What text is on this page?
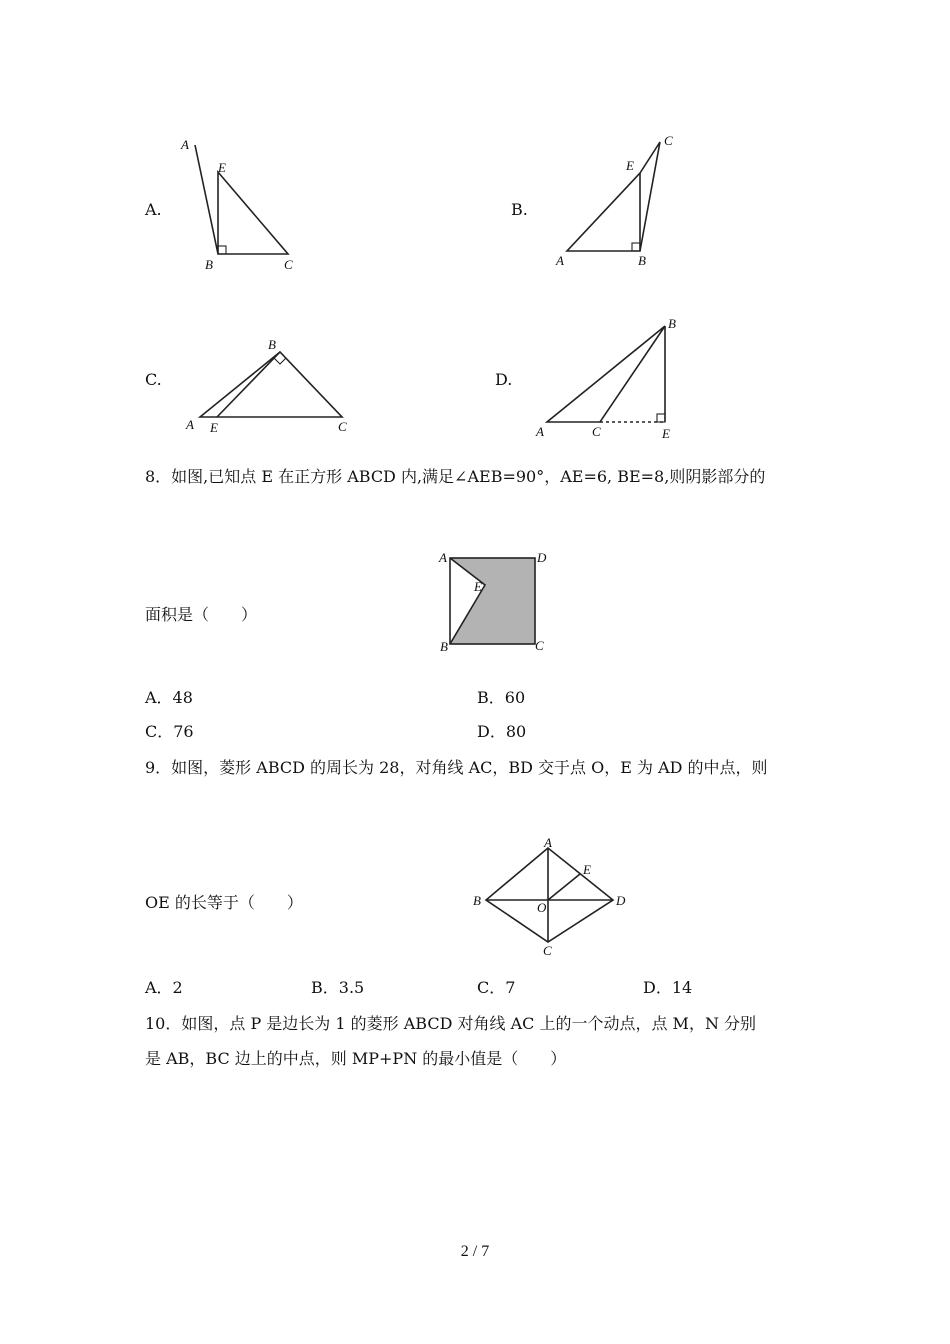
A.	B.
C.	D.
A
E
B	C
C
E
A	B
B
A E	C
B
A	C	E
8．如图,已知点 E 在正方形 ABCD 内,满足∠AEB=90°，AE=6, BE=8,则阴影部分的
面积是（　　）
A	D
E
B	C
A．48	B．60
C．76	D．80
9．如图，菱形 ABCD 的周长为 28，对角线 AC，BD 交于点 O，E 为 AD 的中点，则
OE 的长等于（　　）
A
E
B	O	D
C
A．2	B．3.5	C．7	D．14
10．如图，点 P 是边长为 1 的菱形 ABCD 对角线 AC 上的一个动点，点 M，N 分别
是 AB，BC 边上的中点，则 MP+PN 的最小值是（　　）
2 / 7
